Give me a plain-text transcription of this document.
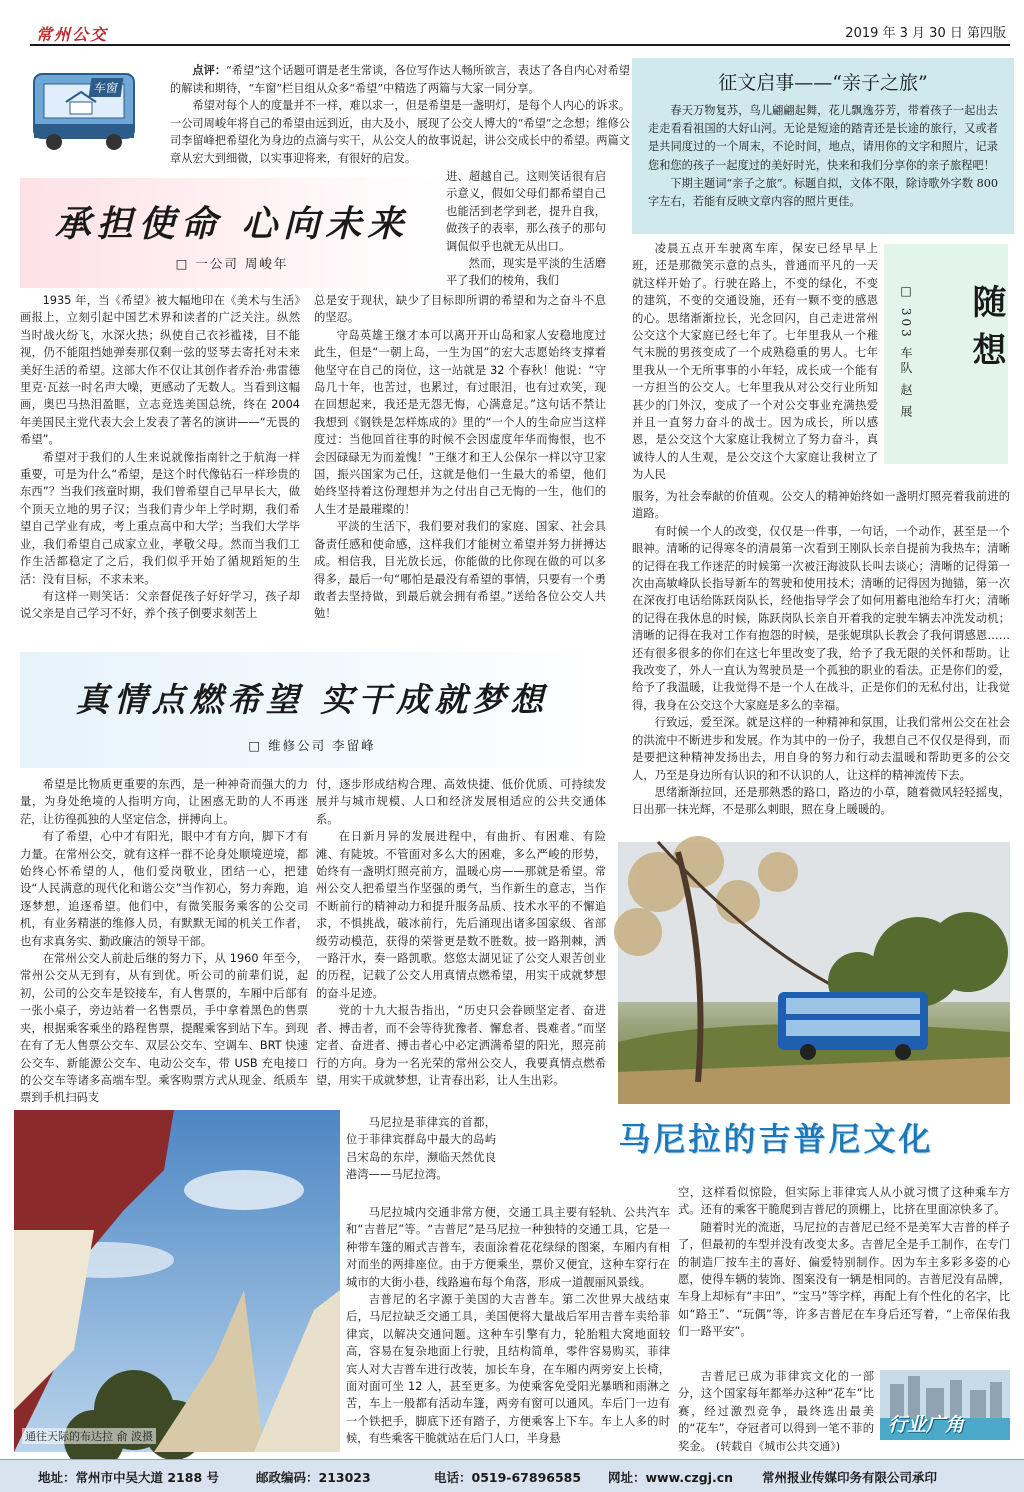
常州公交	2019 年 3 月 30 日 第四版
车窗

点评：“希望”这个话题可谓是老生常谈，各位写作达人畅所欲言，表达了各自内心对希望的解读和期待，“车窗”栏目组从众多“希望”中精选了两篇与大家一同分享。

希望对每个人的度量并不一样，难以求一，但是希望是一盏明灯，是每个人内心的诉求。一公司周峻年将自己的希望由远到近，由大及小，展现了公交人博大的“希望”之念想；维修公司李留峰把希望化为身边的点滴与实干，从公交人的故事说起，讲公交成长中的希望。两篇文章从宏大到细微，以实事迎将来，有很好的启发。

征文启事——“亲子之旅”

春天万物复苏，鸟儿翩翩起舞，花儿飘逸芬芳，带着孩子一起出去走走看看祖国的大好山河。无论是短途的踏青还是长途的旅行，又或者是共同度过的一个周末，不论时间，地点，请用你的文字和照片，记录您和您的孩子一起度过的美好时光，快来和我们分享你的亲子旅程吧！

下期主题词“亲子之旅”。标题自拟，文体不限，除诗歌外字数 800 字左右，若能有反映文章内容的照片更佳。

承担使命 心向未来
□ 一公司 周峻年

1935 年，当《希望》被大幅地印在《美术与生活》画报上，立刻引起中国艺术界和读者的广泛关注。纵然当时战火纷飞，水深火热；纵使自己衣衫褴褛，目不能视，仍不能阻挡她弹奏那仅剩一弦的竖琴去寄托对未来美好生活的希望。这部大作不仅让其创作者乔治·弗雷德里克·瓦兹一时名声大噪，更感动了无数人。当看到这幅画，奥巴马热泪盈眶，立志竞选美国总统，终在 2004 年美国民主党代表大会上发表了著名的演讲——“无畏的希望”。

希望对于我们的人生来说就像指南针之于航海一样重要，可是为什么“希望，是这个时代像钻石一样珍贵的东西”？当我们孩童时期，我们曾希望自己早早长大，做个顶天立地的男子汉；当我们青少年上学时期，我们希望自己学业有成，考上重点高中和大学；当我们大学毕业，我们希望自己成家立业，孝敬父母。然而当我们工作生活都稳定了之后，我们似乎开始了循规蹈矩的生活：没有目标，不求未来。

有这样一则笑话：父亲督促孩子好好学习，孩子却说父亲是自己学习不好，养个孩子倒要求刻苦上

进、超越自己。这则笑话很有启示意义，假如父母们都希望自己也能活到老学到老，提升自我，做孩子的表率，那么孩子的那句调侃似乎也就无从出口。

然而，现实是平淡的生活磨平了我们的棱角，我们

总是安于现状，缺少了目标即所谓的希望和为之奋斗不息的坚忍。

守岛英雄王继才本可以离开开山岛和家人安稳地度过此生，但是“一朝上岛，一生为国”的宏大志愿始终支撑着他坚守在自己的岗位，这一站就是 32 个春秋！他说：“守岛几十年，也苦过，也累过，有过眼泪，也有过欢笑，现在回想起来，我还是无怨无悔，心满意足。”这句话不禁让我想到《钢铁是怎样炼成的》里的“一个人的生命应当这样度过：当他回首往事的时候不会因虚度年华而悔恨，也不会因碌碌无为而羞愧！”王继才和王人公保尔一样以守卫家国，振兴国家为己任，这就是他们一生最大的希望，他们始终坚持着这份理想并为之付出自己无悔的一生，他们的人生才是最璀璨的！

平淡的生活下，我们要对我们的家庭、国家、社会具备责任感和使命感，这样我们才能树立希望并努力拼搏达成。相信我，目光放长远，你能做的比你现在做的可以多得多，最后一句“哪怕是最没有希望的事情，只要有一个勇敢者去坚持做，到最后就会拥有希望。”送给各位公交人共勉！

随想
□ 303 车队 赵 展

凌晨五点开车驶离车库，保安已经早早上班，还是那微笑示意的点头，普通而平凡的一天就这样开始了。行驶在路上，不变的绿化，不变的建筑，不变的交通设施，还有一颗不变的感恩的心。思绪渐渐拉长，光念回闪，自己走进常州公交这个大家庭已经七年了。七年里我从一个稚气未脱的男孩变成了一个成熟稳重的男人。七年里我从一个无所事事的小年轻，成长成一个能有一方担当的公交人。七年里我从对公交行业所知甚少的门外汉，变成了一个对公交事业充满热爱并且一直努力奋斗的战士。因为成长，所以感恩，是公交这个大家庭让我树立了努力奋斗，真诚待人的人生观，是公交这个大家庭让我树立了为人民

服务，为社会奉献的价值观。公交人的精神始终如一盏明灯照亮着我前进的道路。

有时候一个人的改变，仅仅是一件事，一句话，一个动作，甚至是一个眼神。清晰的记得寒冬的清晨第一次看到王刚队长亲自提前为我热车；清晰的记得在我工作迷茫的时候第一次被汪海波队长叫去谈心；清晰的记得第一次由高敏峰队长指导新车的驾驶和使用技术；清晰的记得因为抛锚，第一次在深夜打电话给陈跃岗队长，经他指导学会了如何用蓄电池给车打火；清晰的记得在我休息的时候，陈跃岗队长亲自开着我的定驶车辆去冲洗发动机；清晰的记得在我对工作有抱怨的时候，是张妮琪队长教会了我何谓感恩……还有很多很多的你们在这七年里改变了我，给予了我无限的关怀和帮助。让我改变了，外人一直认为驾驶员是一个孤独的职业的看法。正是你们的爱，给予了我温暖，让我觉得不是一个人在战斗，正是你们的无私付出，让我觉得，我身在公交这个大家庭是多么的幸福。

行致远，爱至深。就是这样的一种精神和氛围，让我们常州公交在社会的洪流中不断进步和发展。作为其中的一份子，我想自己不仅仅是得到，而是要把这种精神发扬出去，用自身的努力和行动去温暖和帮助更多的公交人，乃至是身边所有认识的和不认识的人，让这样的精神流传下去。

思绪渐渐拉回，还是那熟悉的路口，路边的小草，随着微风轻轻摇曳，日出那一抹光辉，不是那么刺眼，照在身上暖暖的。

真情点燃希望 实干成就梦想
□ 维修公司 李留峰

希望是比物质更重要的东西，是一种神奇而强大的力量，为身处绝境的人指明方向，让困惑无助的人不再迷茫，让彷徨孤独的人坚定信念，拼搏向上。

有了希望，心中才有阳光，眼中才有方向，脚下才有力量。在常州公交，就有这样一群不论身处顺境逆境，都始终心怀希望的人，他们爱岗敬业，团结一心，把建设“人民满意的现代化和谐公交”当作初心，努力奔跑，追逐梦想，追逐希望。他们中，有微笑服务乘客的公交司机，有业务精湛的维修人员，有默默无闻的机关工作者，也有求真务实、勤政廉洁的领导干部。

在常州公交人前赴后继的努力下，从 1960 年至今，常州公交从无到有，从有到优。听公司的前辈们说，起初，公司的公交车是铰接车，有人售票的，车厢中后部有一张小桌子，旁边站着一名售票员，手中拿着黑色的售票夹，根据乘客乘坐的路程售票，提醒乘客到站下车。到现在有了无人售票公交车、双层公交车、空调车、BRT 快速公交车、新能源公交车、电动公交车，带 USB 充电接口的公交车等诸多高端车型。乘客购票方式从现金、纸质车票到手机扫码支

付，逐步形成结构合理、高效快捷、低价优质、可持续发展并与城市规模、人口和经济发展相适应的公共交通体系。

在日新月异的发展进程中，有曲折、有困难、有险滩、有陡坡。不管面对多么大的困难，多么严峻的形势，始终有一盏明灯照亮前方，温暖心房——那就是希望。常州公交人把希望当作坚强的勇气，当作新生的意志，当作不断前行的精神动力和提升服务品质、技术水平的不懈追求，不惧挑战，破冰前行，先后涌现出诸多国家级、省部级劳动模范，获得的荣誉更是数不胜数。披一路荆棘，洒一路汗水，奏一路凯歌。悠悠太湖见证了公交人艰苦创业的历程，记载了公交人用真情点燃希望，用实干成就梦想的奋斗足迹。

党的十九大报告指出，“历史只会眷顾坚定者、奋进者、搏击者，而不会等待犹豫者、懈怠者、畏难者。”而坚定者、奋进者、搏击者心中必定洒满希望的阳光，照亮前行的方向。身为一名光荣的常州公交人，我要真情点燃希望，用实干成就梦想，让青春出彩，让人生出彩。

通往天际的布达拉 俞 波摄
马尼拉的吉普尼文化

马尼拉是菲律宾的首都，位于菲律宾群岛中最大的岛屿吕宋岛的东岸，濒临天然优良港湾——马尼拉湾。

马尼拉城内交通非常方便，交通工具主要有轻轨、公共汽车和“吉普尼”等。“吉普尼”是马尼拉一种独特的交通工具，它是一种带车篷的厢式吉普车，表面涂着花花绿绿的图案，车厢内有相对而坐的两排座位。由于方便乘坐，票价又便宜，这种车穿行在城市的大街小巷，线路遍布每个角落，形成一道靓丽风景线。

吉普尼的名字源于美国的大吉普车。第二次世界大战结束后，马尼拉缺乏交通工具，美国便将大量战后军用吉普车卖给菲律宾，以解决交通问题。这种车引擎有力，轮胎粗大窝地面较高，容易在复杂地面上行驶，且结构简单，零件容易购买，菲律宾人对大吉普车进行改装，加长车身，在车厢内两旁安上长椅，面对面可坐 12 人，甚至更多。为使乘客免受阳光暴晒和雨淋之苦，车上一般都有活动车篷，两旁有窗可以通风。车后门一边有一个铁把手，脚底下还有踏子，方便乘客上下车。车上人多的时候，有些乘客干脆就站在后门人口，半身悬

空，这样看似惊险，但实际上菲律宾人从小就习惯了这种乘车方式。还有的乘客干脆爬到吉普尼的顶棚上，比挤在里面凉快多了。

随着时光的流逝，马尼拉的吉普尼已经不是美军大吉普的样子了，但最初的车型并没有改变太多。吉普尼全是手工制作，在专门的制造厂按车主的喜好、偏爱特别制作。因为车主多彩多姿的心愿，使得车辆的装饰、图案没有一辆是相同的。吉普尼没有品牌，车身上却标有“丰田”、“宝马”等字样，再配上有个性化的名字，比如“路王”、“玩偶”等，许多吉普尼在车身后还写着，“上帝保佑我们一路平安”。

吉普尼已成为菲律宾文化的一部分，这个国家每年都举办这种“花车”比赛，经过激烈竞争，最终选出最美的“花车”，夺冠者可以得到一笔不菲的奖金。 (转载自《城市公共交通》)
行业广角
地址：常州市中吴大道 2188 号	邮政编码：213023	电话：0519-67896585 网址：www.czgj.cn 常州报业传媒印务有限公司承印
